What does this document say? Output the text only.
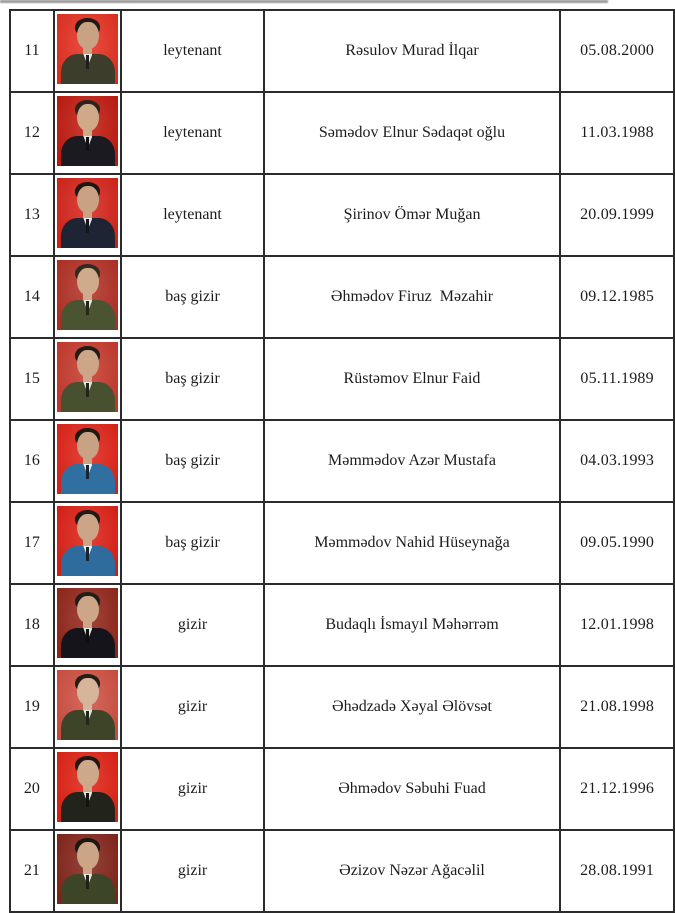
11		leytenant	Rəsulov Murad İlqar	05.08.2000
12		leytenant	Səmədov Elnur Sədaqət oğlu	11.03.1988
13		leytenant	Şirinov Ömər Muğan	20.09.1999
14		baş gizir	Əhmədov Firuz  Məzahir	09.12.1985
15		baş gizir	Rüstəmov Elnur Faid	05.11.1989
16		baş gizir	Məmmədov Azər Mustafa	04.03.1993
17		baş gizir	Məmmədov Nahid Hüseynağa	09.05.1990
18		gizir	Budaqlı İsmayıl Məhərrəm	12.01.1998
19		gizir	Əhədzadə Xəyal Əlövsət	21.08.1998
20		gizir	Əhmədov Səbuhi Fuad	21.12.1996
21		gizir	Əzizov Nəzər Ağacəlil	28.08.1991
